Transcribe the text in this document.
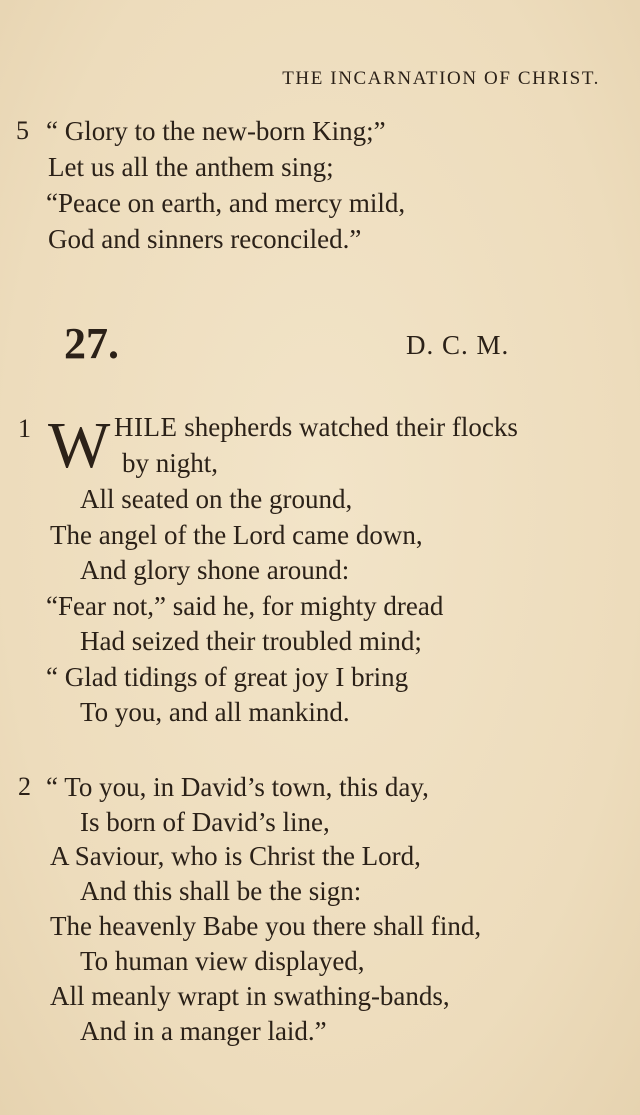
THE INCARNATION OF CHRIST.
5 “ Glory to the new-born King;”
Let us all the anthem sing;
“Peace on earth, and mercy mild,
God and sinners reconciled.”
27.	D. C. M.
1 W HILE shepherds watched their flocks
by night,
All seated on the ground,
The angel of the Lord came down,
And glory shone around:
“Fear not,” said he, for mighty dread
Had seized their troubled mind;
“ Glad tidings of great joy I bring
To you, and all mankind.
2 “ To you, in David’s town, this day,
Is born of David’s line,
A Saviour, who is Christ the Lord,
And this shall be the sign:
The heavenly Babe you there shall find,
To human view displayed,
All meanly wrapt in swathing-bands,
And in a manger laid.”
